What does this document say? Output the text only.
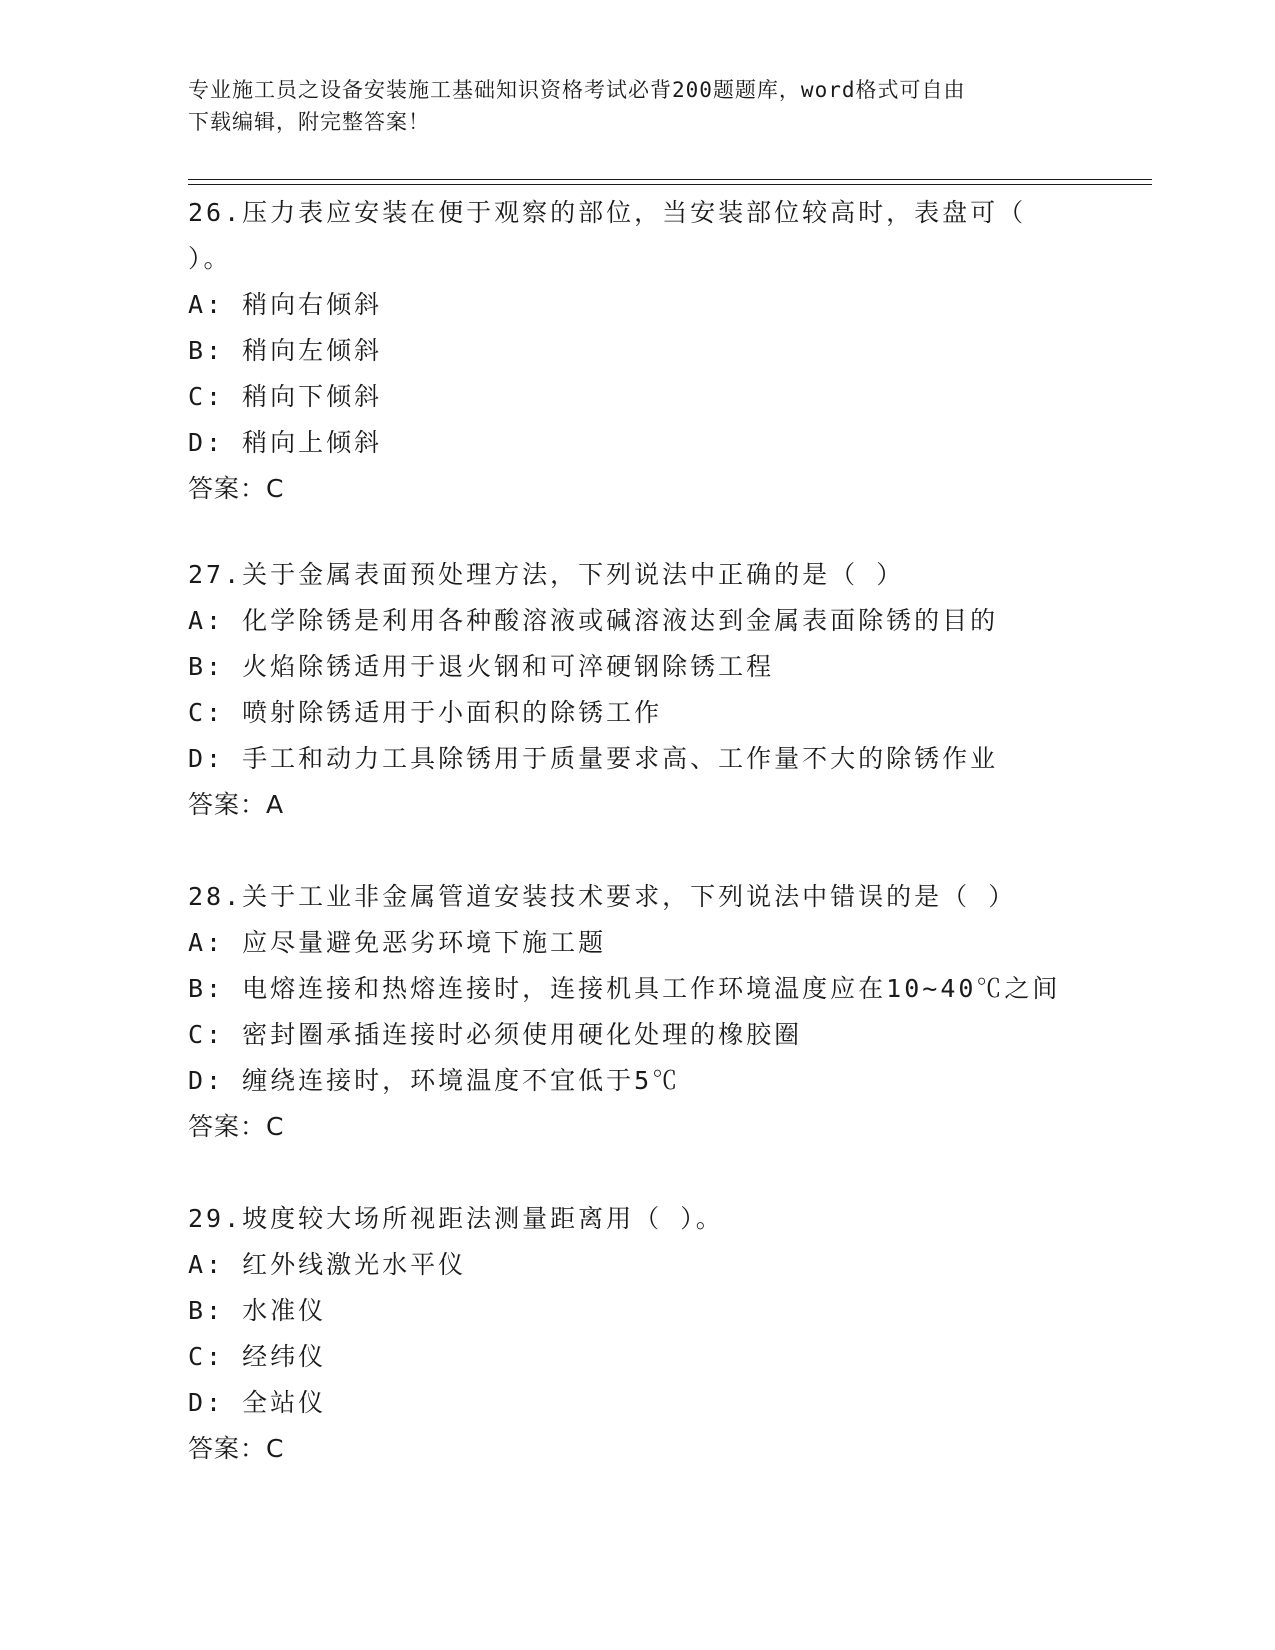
专业施工员之设备安装施工基础知识资格考试必背200题题库，word格式可自由
下载编辑，附完整答案！
26.压力表应安装在便于观察的部位，当安装部位较高时，表盘可（
）。
A: 稍向右倾斜
B: 稍向左倾斜
C: 稍向下倾斜
D: 稍向上倾斜
答案：C
27.关于金属表面预处理方法，下列说法中正确的是（ ）
A: 化学除锈是利用各种酸溶液或碱溶液达到金属表面除锈的目的
B: 火焰除锈适用于退火钢和可淬硬钢除锈工程
C: 喷射除锈适用于小面积的除锈工作
D: 手工和动力工具除锈用于质量要求高、工作量不大的除锈作业
答案：A
28.关于工业非金属管道安装技术要求，下列说法中错误的是（ ）
A: 应尽量避免恶劣环境下施工题
B: 电熔连接和热熔连接时，连接机具工作环境温度应在10~40℃之间
C: 密封圈承插连接时必须使用硬化处理的橡胶圈
D: 缠绕连接时，环境温度不宜低于5℃
答案：C
29.坡度较大场所视距法测量距离用（ ）。
A: 红外线激光水平仪
B: 水准仪
C: 经纬仪
D: 全站仪
答案：C
